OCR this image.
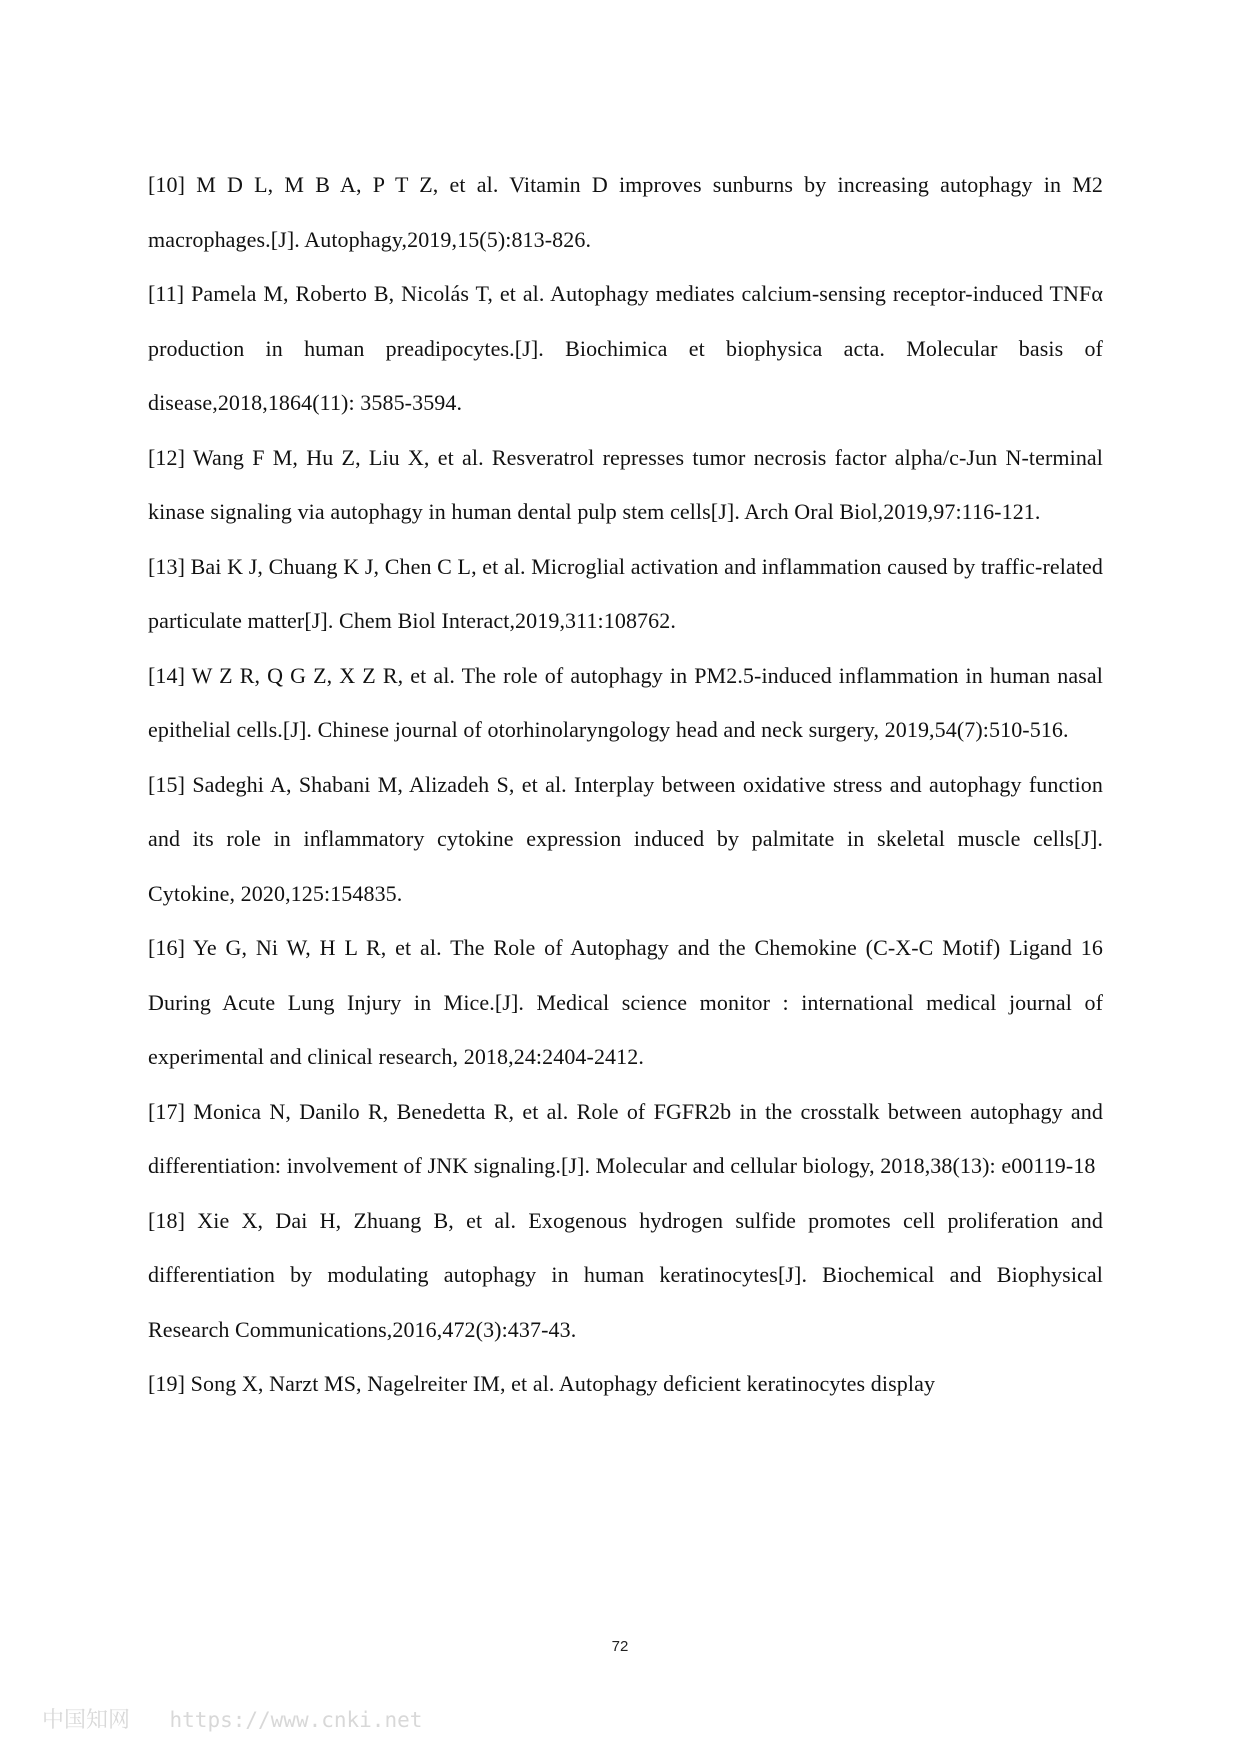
[10] M D L, M B A, P T Z, et al. Vitamin D improves sunburns by increasing autophagy in M2 macrophages.[J]. Autophagy,2019,15(5):813-826.

[11] Pamela M, Roberto B, Nicolás T, et al. Autophagy mediates calcium-sensing receptor-induced TNFα production in human preadipocytes.[J]. Biochimica et biophysica acta. Molecular basis of disease,2018,1864(11): 3585-3594.

[12] Wang F M, Hu Z, Liu X, et al. Resveratrol represses tumor necrosis factor alpha/c-Jun N-terminal kinase signaling via autophagy in human dental pulp stem cells[J]. Arch Oral Biol,2019,97:116-121.

[13] Bai K J, Chuang K J, Chen C L, et al. Microglial activation and inflammation caused by traffic-related particulate matter[J]. Chem Biol Interact,2019,311:108762.

[14] W Z R, Q G Z, X Z R, et al. The role of autophagy in PM2.5-induced inflammation in human nasal epithelial cells.[J]. Chinese journal of otorhinolaryngology head and neck surgery, 2019,54(7):510-516.

[15] Sadeghi A, Shabani M, Alizadeh S, et al. Interplay between oxidative stress and autophagy function and its role in inflammatory cytokine expression induced by palmitate in skeletal muscle cells[J]. Cytokine, 2020,125:154835.

[16] Ye G, Ni W, H L R, et al. The Role of Autophagy and the Chemokine (C-X-C Motif) Ligand 16 During Acute Lung Injury in Mice.[J]. Medical science monitor : international medical journal of experimental and clinical research, 2018,24:2404-2412.

[17] Monica N, Danilo R, Benedetta R, et al. Role of FGFR2b in the crosstalk between autophagy and differentiation: involvement of JNK signaling.[J]. Molecular and cellular biology, 2018,38(13): e00119-18

[18] Xie X, Dai H, Zhuang B, et al. Exogenous hydrogen sulfide promotes cell proliferation and differentiation by modulating autophagy in human keratinocytes[J]. Biochemical and Biophysical Research Communications,2016,472(3):437-43.

[19] Song X, Narzt MS, Nagelreiter IM, et al. Autophagy deficient keratinocytes display

72
中国知网 https://www.cnki.net
